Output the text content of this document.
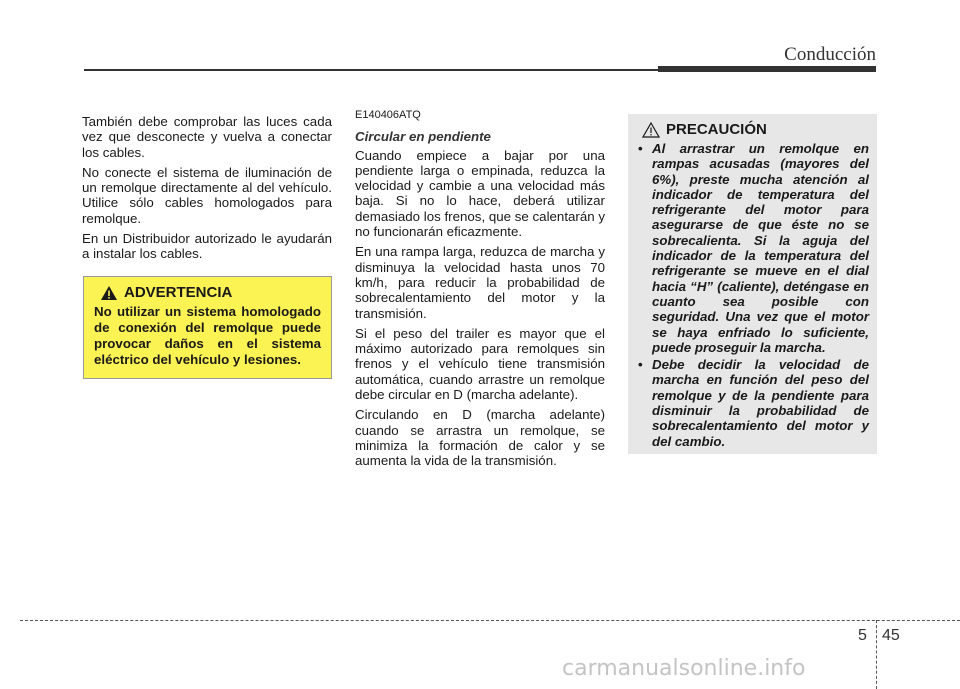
Conducción

También debe comprobar las luces cada vez que desconecte y vuelva a conectar los cables.

No conecte el sistema de iluminación de un remolque directamente al del vehículo. Utilice sólo cables homologados para remolque.

En un Distribuidor autorizado le ayudarán a instalar los cables.

ADVERTENCIA
No utilizar un sistema homologado de conexión del remolque puede provocar daños en el sistema eléctrico del vehículo y lesiones.
E140406ATQ
Circular en pendiente

Cuando empiece a bajar por una pendiente larga o empinada, reduzca la velocidad y cambie a una velocidad más baja. Si no lo hace, deberá utilizar demasiado los frenos, que se calentarán y no funcionarán eficazmente.

En una rampa larga, reduzca de marcha y disminuya la velocidad hasta unos 70 km/h, para reducir la probabilidad de sobrecalentamiento del motor y la transmisión.

Si el peso del trailer es mayor que el máximo autorizado para remolques sin frenos y el vehículo tiene transmisión automática, cuando arrastre un remolque debe circular en D (marcha adelante).

Circulando en D (marcha adelante) cuando se arrastra un remolque, se minimiza la formación de calor y se aumenta la vida de la transmisión.

PRECAUCIÓN
• Al arrastrar un remolque en rampas acusadas (mayores del 6%), preste mucha atención al indicador de temperatura del refrigerante del motor para asegurarse de que éste no se sobrecalienta. Si la aguja del indicador de la temperatura del refrigerante se mueve en el dial hacia “H” (caliente), deténgase en cuanto sea posible con seguridad. Una vez que el motor se haya enfriado lo suficiente, puede proseguir la marcha.
• Debe decidir la velocidad de marcha en función del peso del remolque y de la pendiente para disminuir la probabilidad de sobrecalentamiento del motor y del cambio.
5 45
carmanualsonline.info
